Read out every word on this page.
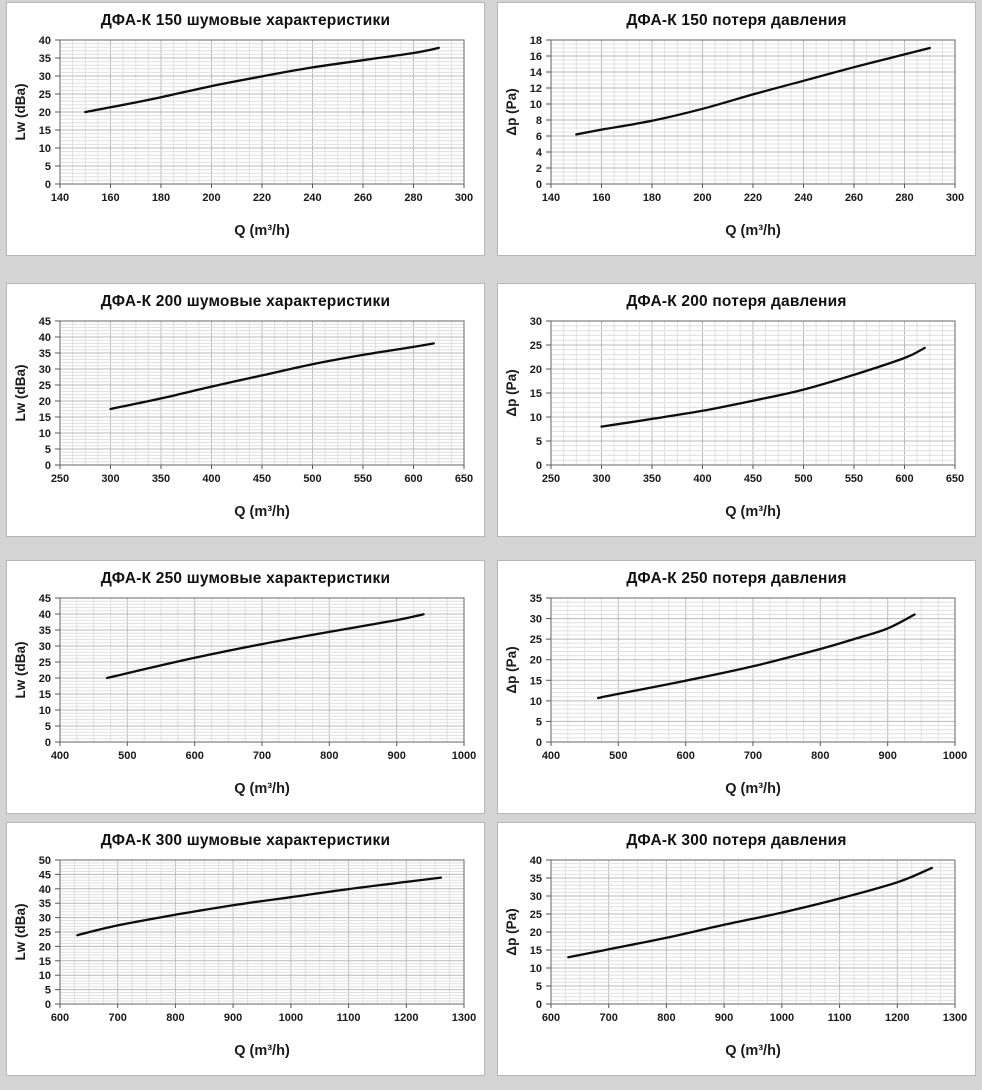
ДФА-К 150 шумовые характеристики
140	160	180	200	220	240	260	280	300
0
5
10
15
20
25
30
35
40
Lw (dBa)
Q (m³/h)
ДФА-К 150 потеря давления
140	160	180	200	220	240	260	280	300
0
2
4
6
8
10
12
14
16
18
Δp (Pa)
Q (m³/h)
ДФА-К 200 шумовые характеристики
250	300	350	400	450	500	550	600	650
0
5
10
15
20
25
30
35
40
45
Lw (dBa)
Q (m³/h)
ДФА-К 200 потеря давления
250	300	350	400	450	500	550	600	650
0
5
10
15
20
25
30
Δp (Pa)
Q (m³/h)
ДФА-К 250 шумовые характеристики
400	500	600	700	800	900	1000
0
5
10
15
20
25
30
35
40
45
Lw (dBa)
Q (m³/h)
ДФА-К 250 потеря давления
400	500	600	700	800	900	1000
0
5
10
15
20
25
30
35
Δp (Pa)
Q (m³/h)
ДФА-К 300 шумовые характеристики
600	700	800	900	1000	1100	1200	1300
0
5
10
15
20
25
30
35
40
45
50
Lw (dBa)
Q (m³/h)
ДФА-К 300 потеря давления
600	700	800	900	1000	1100	1200	1300
0
5
10
15
20
25
30
35
40
Δp (Pa)
Q (m³/h)
